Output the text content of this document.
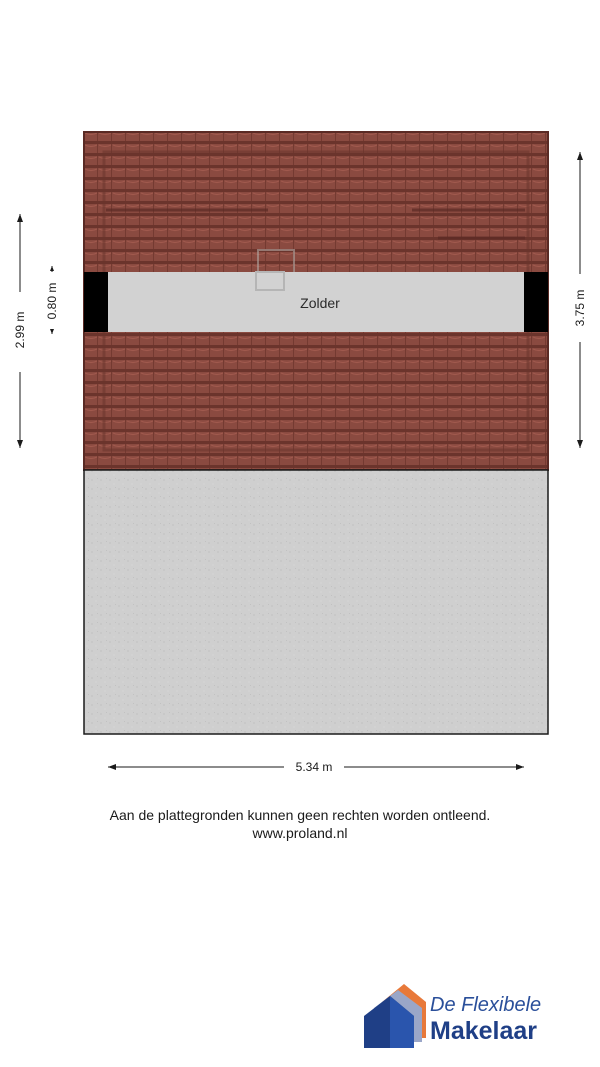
Zolder
5.34 m
2.99 m
0.80 m	3.75 m
Aan de plattegronden kunnen geen rechten worden ontleend.
www.proland.nl
De Flexibele
Makelaar
